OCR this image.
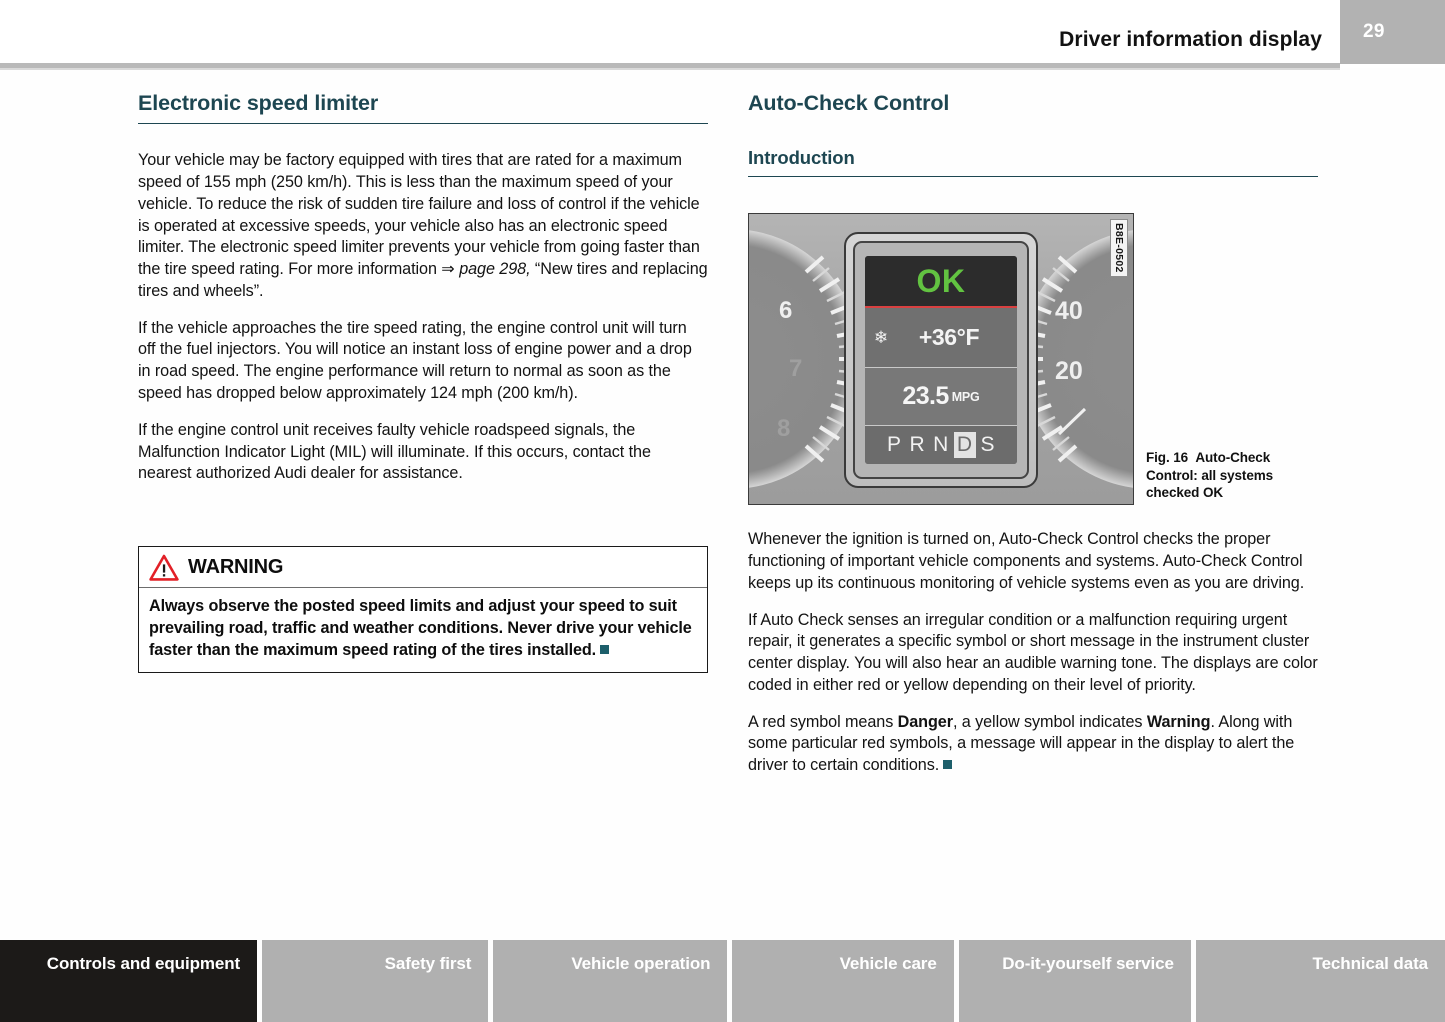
Driver information display	29
Electronic speed limiter

Your vehicle may be factory equipped with tires that are rated for a maximum speed of 155 mph (250 km/h). This is less than the maximum speed of your vehicle. To reduce the risk of sudden tire failure and loss of control if the vehicle is operated at excessive speeds, your vehicle also has an electronic speed limiter. The electronic speed limiter prevents your vehicle from going faster than the tire speed rating. For more information ⇒ page 298, “New tires and replacing tires and wheels”.

If the vehicle approaches the tire speed rating, the engine control unit will turn off the fuel injectors. You will notice an instant loss of engine power and a drop in road speed. The engine performance will return to normal as soon as the speed has dropped below approximately 124 mph (200 km/h).

If the engine control unit receives faulty vehicle roadspeed signals, the Malfunction Indicator Light (MIL) will illuminate. If this occurs, contact the nearest authorized Audi dealer for assistance.

WARNING
Always observe the posted speed limits and adjust your speed to suit prevailing road, traffic and weather conditions. Never drive your vehicle faster than the maximum speed rating of the tires installed.
Auto-Check Control
Introduction
6
7
8
40
20
OK
❄	+36°F
23.5 MPG
P R N D S
B8E-0502
Fig. 16 Auto-Check Control: all systems checked OK

Whenever the ignition is turned on, Auto-Check Control checks the proper functioning of important vehicle components and systems. Auto-Check Control keeps up its continuous monitoring of vehicle systems even as you are driving.

If Auto Check senses an irregular condition or a malfunction requiring urgent repair, it generates a specific symbol or short message in the instrument cluster center display. You will also hear an audible warning tone. The displays are color coded in either red or yellow depending on their level of priority.

A red symbol means Danger, a yellow symbol indicates Warning. Along with some particular red symbols, a message will appear in the display to alert the driver to certain conditions.

Controls and equipment	Safety first	Vehicle operation	Vehicle care	Do-it-yourself service	Technical data
